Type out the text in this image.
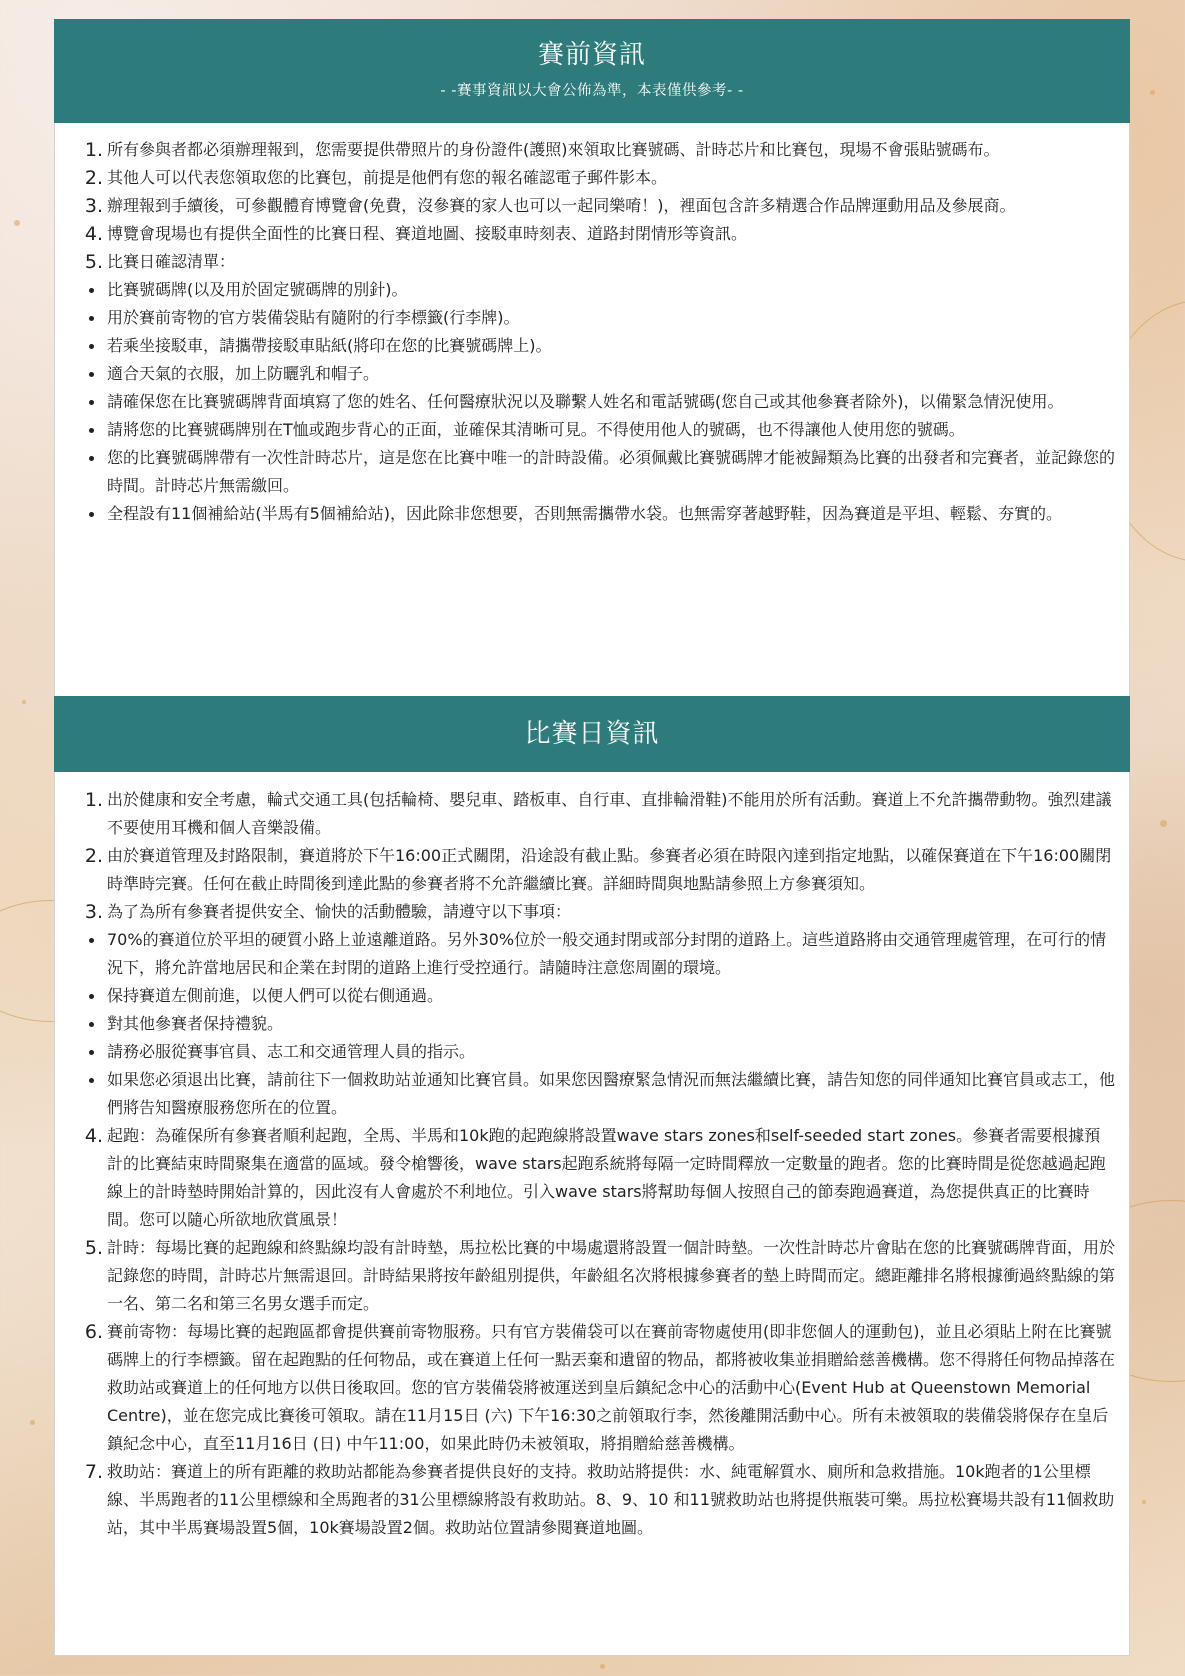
賽前資訊
- -賽事資訊以大會公佈為準，本表僅供參考- -
1. 所有參與者都必須辦理報到，您需要提供帶照片的身份證件(護照)來領取比賽號碼、計時芯片和比賽包，現場不會張貼號碼布。
2. 其他人可以代表您領取您的比賽包，前提是他們有您的報名確認電子郵件影本。
3. 辦理報到手續後，可參觀體育博覽會(免費，沒參賽的家人也可以一起同樂唷！)，裡面包含許多精選合作品牌運動用品及參展商。
4. 博覽會現場也有提供全面性的比賽日程、賽道地圖、接駁車時刻表、道路封閉情形等資訊。
5. 比賽日確認清單：
比賽號碼牌(以及用於固定號碼牌的別針)。
用於賽前寄物的官方裝備袋貼有隨附的行李標籤(行李牌)。
若乘坐接駁車，請攜帶接駁車貼紙(將印在您的比賽號碼牌上)。
適合天氣的衣服，加上防曬乳和帽子。
請確保您在比賽號碼牌背面填寫了您的姓名、任何醫療狀況以及聯繫人姓名和電話號碼(您自己或其他參賽者除外)，以備緊急情況使用。
請將您的比賽號碼牌別在T恤或跑步背心的正面，並確保其清晰可見。不得使用他人的號碼，也不得讓他人使用您的號碼。
您的比賽號碼牌帶有一次性計時芯片，這是您在比賽中唯一的計時設備。必須佩戴比賽號碼牌才能被歸類為比賽的出發者和完賽者，並記錄您的時間。計時芯片無需繳回。
全程設有11個補給站(半馬有5個補給站)，因此除非您想要，否則無需攜帶水袋。也無需穿著越野鞋，因為賽道是平坦、輕鬆、夯實的。
比賽日資訊
1. 出於健康和安全考慮，輪式交通工具(包括輪椅、嬰兒車、踏板車、自行車、直排輪滑鞋)不能用於所有活動。賽道上不允許攜帶動物。強烈建議不要使用耳機和個人音樂設備。
2. 由於賽道管理及封路限制，賽道將於下午16:00正式關閉，沿途設有截止點。參賽者必須在時限內達到指定地點，以確保賽道在下午16:00關閉時準時完賽。任何在截止時間後到達此點的參賽者將不允許繼續比賽。詳細時間與地點請參照上方參賽須知。
3. 為了為所有參賽者提供安全、愉快的活動體驗，請遵守以下事項：
70%的賽道位於平坦的硬質小路上並遠離道路。另外30%位於一般交通封閉或部分封閉的道路上。這些道路將由交通管理處管理，在可行的情況下，將允許當地居民和企業在封閉的道路上進行受控通行。請隨時注意您周圍的環境。
保持賽道左側前進，以便人們可以從右側通過。
對其他參賽者保持禮貌。
請務必服從賽事官員、志工和交通管理人員的指示。
如果您必須退出比賽，請前往下一個救助站並通知比賽官員。如果您因醫療緊急情況而無法繼續比賽，請告知您的同伴通知比賽官員或志工，他們將告知醫療服務您所在的位置。
4. 起跑：為確保所有參賽者順利起跑，全馬、半馬和10k跑的起跑線將設置wave stars zones和self-seeded start zones。參賽者需要根據預計的比賽結束時間聚集在適當的區域。發令槍響後，wave stars起跑系統將每隔一定時間釋放一定數量的跑者。您的比賽時間是從您越過起跑線上的計時墊時開始計算的，因此沒有人會處於不利地位。引入wave stars將幫助每個人按照自己的節奏跑過賽道，為您提供真正的比賽時間。您可以隨心所欲地欣賞風景！
5. 計時：每場比賽的起跑線和終點線均設有計時墊，馬拉松比賽的中場處還將設置一個計時墊。一次性計時芯片會貼在您的比賽號碼牌背面，用於記錄您的時間，計時芯片無需退回。計時結果將按年齡組別提供，年齡組名次將根據參賽者的墊上時間而定。總距離排名將根據衝過終點線的第一名、第二名和第三名男女選手而定。
6. 賽前寄物：每場比賽的起跑區都會提供賽前寄物服務。只有官方裝備袋可以在賽前寄物處使用(即非您個人的運動包)，並且必須貼上附在比賽號碼牌上的行李標籤。留在起跑點的任何物品，或在賽道上任何一點丟棄和遺留的物品，都將被收集並捐贈給慈善機構。您不得將任何物品掉落在救助站或賽道上的任何地方以供日後取回。您的官方裝備袋將被運送到皇后鎮紀念中心的活動中心(Event Hub at Queenstown Memorial Centre)，並在您完成比賽後可領取。請在11月15日 (六) 下午16:30之前領取行李，然後離開活動中心。所有未被領取的裝備袋將保存在皇后鎮紀念中心，直至11月16日 (日) 中午11:00，如果此時仍未被領取，將捐贈給慈善機構。
7. 救助站：賽道上的所有距離的救助站都能為參賽者提供良好的支持。救助站將提供：水、純電解質水、廁所和急救措施。10k跑者的1公里標線、半馬跑者的11公里標線和全馬跑者的31公里標線將設有救助站。8、9、10 和11號救助站也將提供瓶裝可樂。馬拉松賽場共設有11個救助站，其中半馬賽場設置5個，10k賽場設置2個。救助站位置請參閱賽道地圖。
